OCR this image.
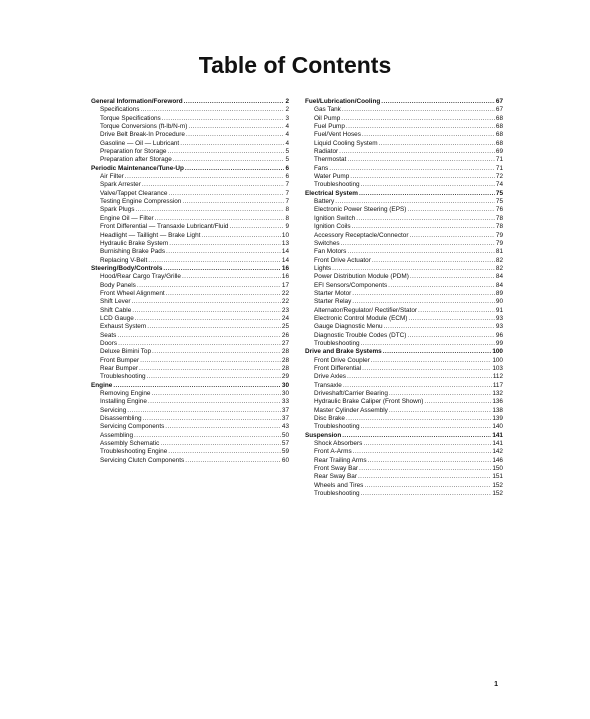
Table of Contents
General Information/Foreword .....	2
Specifications .....	2
Torque Specifications .....	3
Torque Conversions (ft-lb/N-m) .....	4
Drive Belt Break-In Procedure .....	4
Gasoline — Oil — Lubricant .....	4
Preparation for Storage .....	5
Preparation after Storage .....	5
Periodic Maintenance/Tune-Up .....	6
Air Filter .....	6
Spark Arrester .....	7
Valve/Tappet Clearance .....	7
Testing Engine Compression .....	7
Spark Plugs .....	8
Engine Oil — Filter .....	8
Front Differential — Transaxle Lubricant/Fluid .....	9
Headlight — Taillight — Brake Light .....	10
Hydraulic Brake System .....	13
Burnishing Brake Pads .....	14
Replacing V-Belt .....	14
Steering/Body/Controls .....	16
Hood/Rear Cargo Tray/Grille .....	16
Body Panels .....	17
Front Wheel Alignment .....	22
Shift Lever .....	22
Shift Cable .....	23
LCD Gauge .....	24
Exhaust System .....	25
Seats .....	26
Doors .....	27
Deluxe Bimini Top .....	28
Front Bumper .....	28
Rear Bumper .....	28
Troubleshooting .....	29
Engine .....	30
Removing Engine .....	30
Installing Engine .....	33
Servicing .....	37
Disassembling .....	37
Servicing Components .....	43
Assembling .....	50
Assembly Schematic .....	57
Troubleshooting Engine .....	59
Servicing Clutch Components .....	60
Fuel/Lubrication/Cooling .....	67
Gas Tank .....	67
Oil Pump .....	68
Fuel Pump .....	68
Fuel/Vent Hoses .....	68
Liquid Cooling System .....	68
Radiator .....	69
Thermostat .....	71
Fans .....	71
Water Pump .....	72
Troubleshooting .....	74
Electrical System .....	75
Battery .....	75
Electronic Power Steering (EPS) .....	76
Ignition Switch .....	78
Ignition Coils .....	78
Accessory Receptacle/Connector .....	79
Switches .....	79
Fan Motors .....	81
Front Drive Actuator .....	82
Lights .....	82
Power Distribution Module (PDM) .....	84
EFI Sensors/Components .....	84
Starter Motor .....	89
Starter Relay .....	90
Alternator/Regulator/ Rectifier/Stator .....	91
Electronic Control Module (ECM) .....	93
Gauge Diagnostic Menu .....	93
Diagnostic Trouble Codes (DTC) .....	96
Troubleshooting .....	99
Drive and Brake Systems .....	100
Front Drive Coupler .....	100
Front Differential .....	103
Drive Axles .....	112
Transaxle .....	117
Driveshaft/Carrier Bearing .....	132
Hydraulic Brake Caliper (Front Shown) .....	136
Master Cylinder Assembly .....	138
Disc Brake .....	139
Troubleshooting .....	140
Suspension .....	141
Shock Absorbers .....	141
Front A-Arms .....	142
Rear Trailing Arms .....	146
Front Sway Bar .....	150
Rear Sway Bar .....	151
Wheels and Tires .....	152
Troubleshooting .....	152
1
